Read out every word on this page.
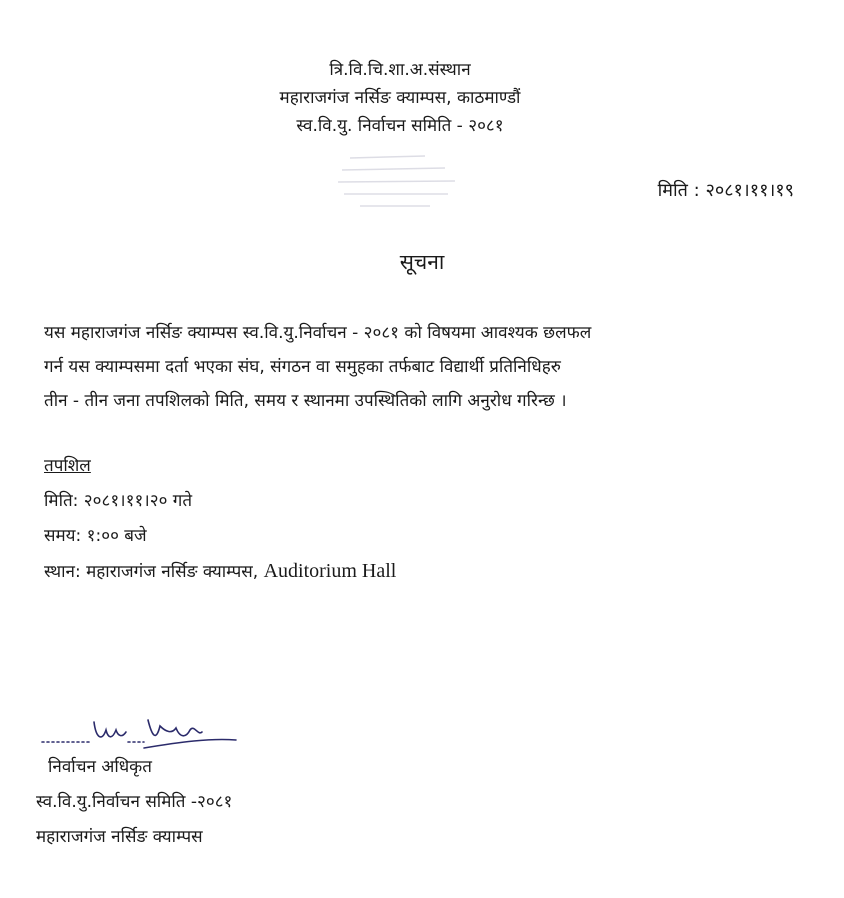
त्रि.वि.चि.शा.अ.संस्थान
महाराजगंज नर्सिङ क्याम्पस, काठमाण्डौं
स्व.वि.यु. निर्वाचन समिति - २०८१
मिति : २०८१।११।१९
सूचना
यस महाराजगंज नर्सिङ क्याम्पस स्व.वि.यु.निर्वाचन - २०८१ को विषयमा आवश्यक छलफल
गर्न यस क्याम्पसमा दर्ता भएका संघ, संगठन वा समुहका तर्फबाट विद्यार्थी प्रतिनिधिहरु
तीन - तीन जना तपशिलको मिति, समय र स्थानमा उपस्थितिको लागि अनुरोध गरिन्छ ।
तपशिल
मिति: २०८१।११।२० गते
समय: १:०० बजे
स्थान: महाराजगंज नर्सिङ क्याम्पस, Auditorium Hall
निर्वाचन अधिकृत
स्व.वि.यु.निर्वाचन समिति -२०८१
महाराजगंज नर्सिङ क्याम्पस
